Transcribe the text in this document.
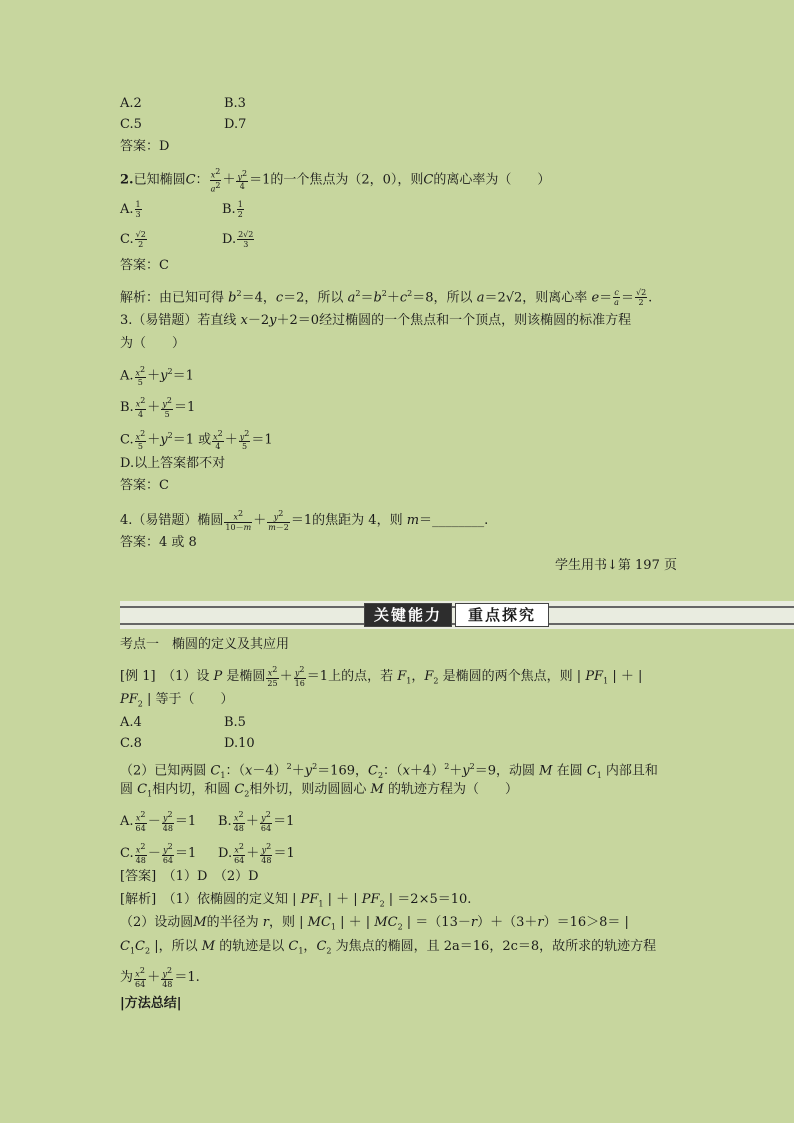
A.2	B.3
C.5	D.7
答案：D
2.已知椭圆C： $\frac{x^2}{a^2} + \frac{y^2}{4} =1$的一个焦点为（2，0），则C的离心率为（　　）
A. $\frac{1}{3}$	B. $\frac{1}{2}$
C. $\frac{√2}{2}$	D. $\frac{2√2}{3}$
答案：C
解析：由已知可得 $b^2=4$，c＝2，所以 $a^2=b^2+c^2=8$，所以 a＝2√2，则离心率 $e= \frac{c}{a} = \frac{√2}{2}$ .
3.（易错题）若直线 x－2y＋2＝0经过椭圆的一个焦点和一个顶点，则该椭圆的标准方程
为（　　）
A. $\frac{x^2}{5} +y^2=1$
B. $\frac{x^2}{4} + \frac{y^2}{5} =1$
C. $\frac{x^2}{5} +y^2=1$ 或 $\frac{x^2}{4} + \frac{y^2}{5} =1$
D.以上答案都不对
答案：C
4.（易错题）椭圆 $\frac{x^2}{10-m} + \frac{y^2}{m-2} =1$的焦距为 4，则 m＝________.
答案：4 或 8
学生用书↓第 197 页
关键能力	重点探究
考点一　椭圆的定义及其应用
[例 1]　 （1）设 P 是椭圆 $\frac{x^2}{25} + \frac{y^2}{16} =1$上的点，若 $F_1$，$F_2$ 是椭圆的两个焦点，则 | $PF_1$ | ＋ |
$PF_2$ | 等于（　　）
A.4	B.5
C.8	D.10
（2）已知两圆 $C_1$：$(x-4)^2+y^2=169$，$C_2$：$(x+4)^2+y^2=9$，动圆 M 在圆 $C_1$ 内部且和
圆 $C_1$相内切，和圆 $C_2$相外切，则动圆圆心 M 的轨迹方程为（　　）
A. $\frac{x^2}{64} - \frac{y^2}{48} =1$ B. $\frac{x^2}{48} + \frac{y^2}{64} =1$
C. $\frac{x^2}{48} - \frac{y^2}{64} =1$ D. $\frac{x^2}{64} + \frac{y^2}{48} =1$
[答案]　 （1）D　（2）D
[解析]　 （1）依椭圆的定义知 | $PF_1$ | ＋ | $PF_2$ | ＝2×5＝10.
（2）设动圆M的半径为 r，则 | $MC_1$ | ＋ | $MC_2$ | ＝（13－r）＋（3＋r）＝16＞8＝ |
$C_1C_2$ |，所以 M 的轨迹是以 $C_1$，$C_2$ 为焦点的椭圆，且 2a＝16，2c＝8，故所求的轨迹方程
为 $\frac{x^2}{64} + \frac{y^2}{48} =1$.
|方法总结|
